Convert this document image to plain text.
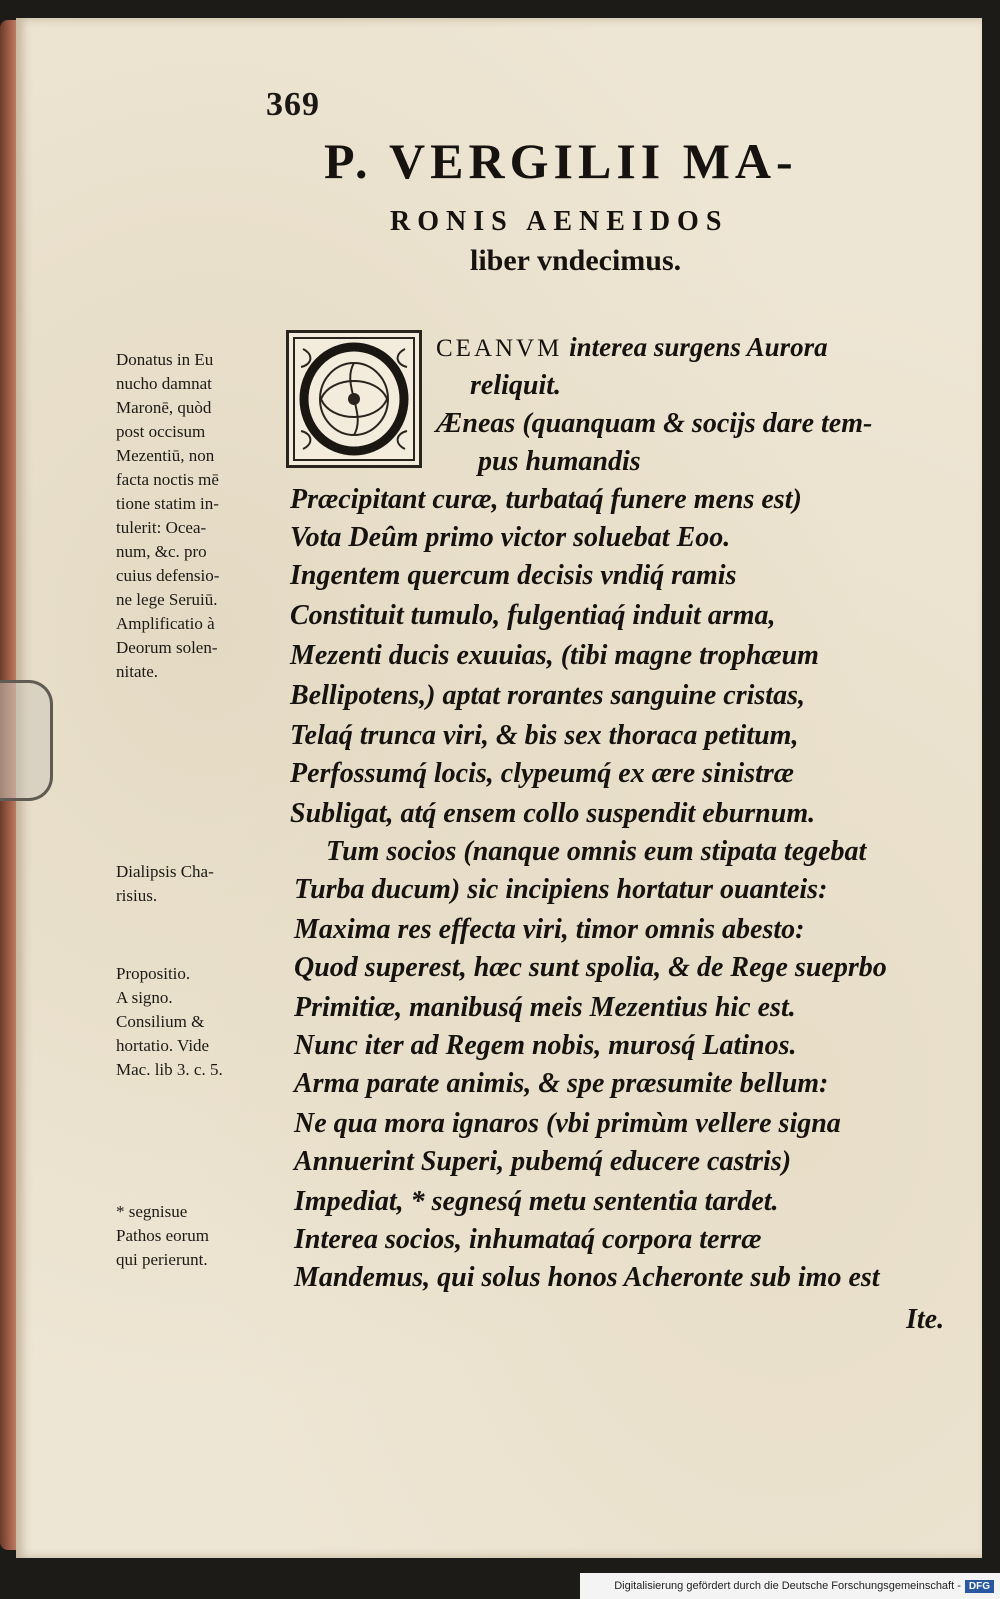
369
P. VERGILII MA-
RONIS AENEIDOS
liber vndecimus.
CEANVM interea surgens Aurora
reliquit.
Æneas (quanquam & socijs dare tem-
pus humandis
Præcipitant curæ, turbataq́ funere mens est)
Vota Deûm primo victor soluebat Eoo.
Ingentem quercum decisis vndiq́ ramis
Constituit tumulo, fulgentiaq́ induit arma,
Mezenti ducis exuuias, (tibi magne trophæum
Bellipotens,) aptat rorantes sanguine cristas,
Telaq́ trunca viri, & bis sex thoraca petitum,
Perfossumq́ locis, clypeumq́ ex ære sinistræ
Subligat, atq́ ensem collo suspendit eburnum.
Tum socios (nanque omnis eum stipata tegebat
Turba ducum) sic incipiens hortatur ouanteis:
Maxima res effecta viri, timor omnis abesto:
Quod superest, hæc sunt spolia, & de Rege sueprbo
Primitiæ, manibusq́ meis Mezentius hic est.
Nunc iter ad Regem nobis, murosq́ Latinos.
Arma parate animis, & spe præsumite bellum:
Ne qua mora ignaros (vbi primùm vellere signa
Annuerint Superi, pubemq́ educere castris)
Impediat, * segnesq́ metu sententia tardet.
Interea socios, inhumataq́ corpora terræ
Mandemus, qui solus honos Acheronte sub imo est
Ite.
Donatus in Eu
nucho damnat
Maronē, quòd
post occisum
Mezentiū, non
facta noctis mē
tione statim in-
tulerit: Ocea-
num, &c. pro
cuius defensio-
ne lege Seruiū.
Amplificatio à
Deorum solen-
nitate.
Dialipsis Cha-
risius.
Propositio.
A signo.
Consilium &
hortatio. Vide
Mac. lib 3. c. 5.
* segnisue
Pathos eorum
qui perierunt.
Digitalisierung gefördert durch die Deutsche Forschungsgemeinschaft - DFG
